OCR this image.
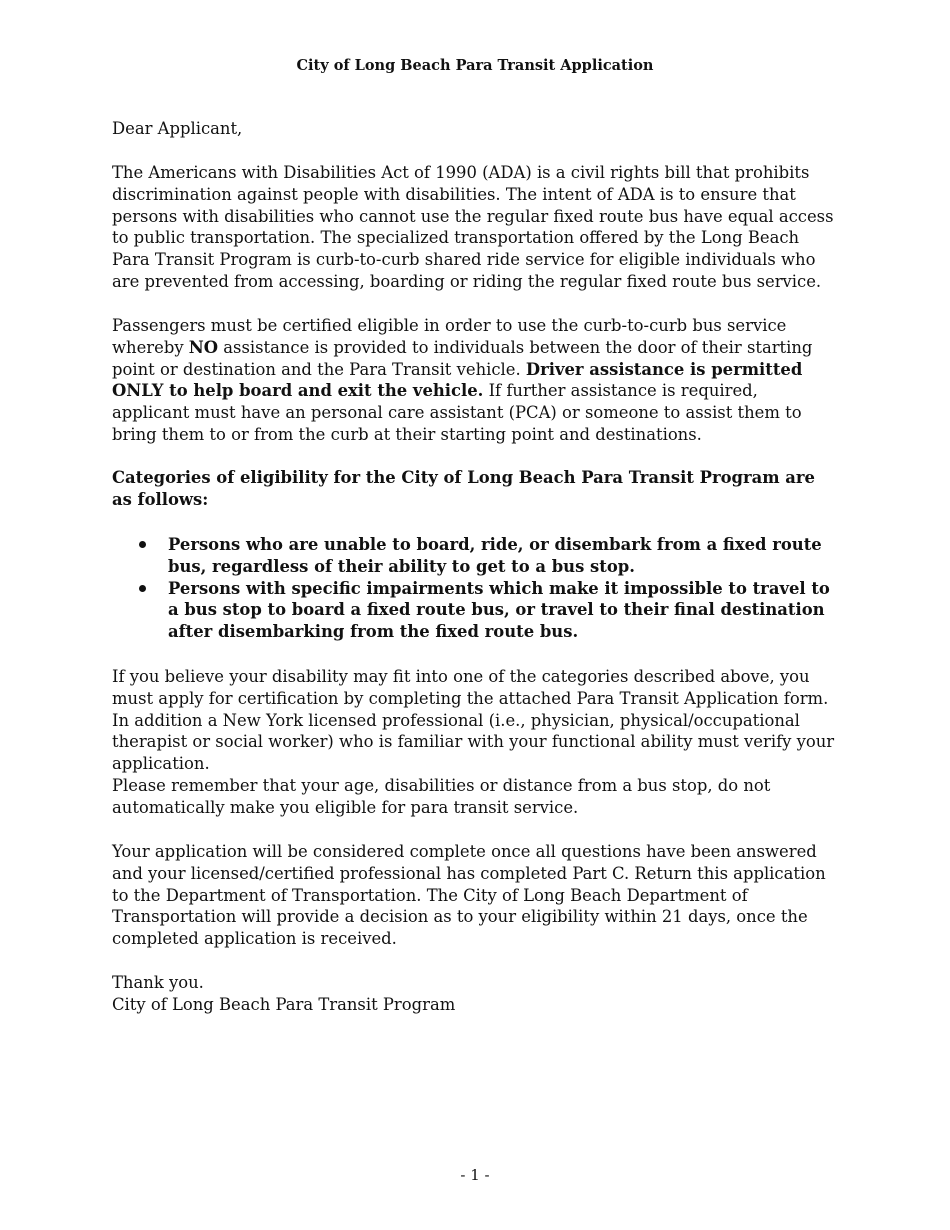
City of Long Beach Para Transit Application

Dear Applicant,

The Americans with Disabilities Act of 1990 (ADA) is a civil rights bill that prohibits discrimination against people with disabilities. The intent of ADA is to ensure that persons with disabilities who cannot use the regular fixed route bus have equal access to public transportation. The specialized transportation offered by the Long Beach Para Transit Program is curb-to-curb shared ride service for eligible individuals who are prevented from accessing, boarding or riding the regular fixed route bus service.

Passengers must be certified eligible in order to use the curb-to-curb bus service whereby NO assistance is provided to individuals between the door of their starting point or destination and the Para Transit vehicle. Driver assistance is permitted ONLY to help board and exit the vehicle. If further assistance is required, applicant must have an personal care assistant (PCA) or someone to assist them to bring them to or from the curb at their starting point and destinations.

Categories of eligibility for the City of Long Beach Para Transit Program are as follows:

Persons who are unable to board, ride, or disembark from a fixed route bus, regardless of their ability to get to a bus stop.
Persons with specific impairments which make it impossible to travel to a bus stop to board a fixed route bus, or travel to their final destination after disembarking from the fixed route bus.

If you believe your disability may fit into one of the categories described above, you must apply for certification by completing the attached Para Transit Application form. In addition a New York licensed professional (i.e., physician, physical/occupational therapist or social worker) who is familiar with your functional ability must verify your application.

Please remember that your age, disabilities or distance from a bus stop, do not automatically make you eligible for para transit service.

Your application will be considered complete once all questions have been answered and your licensed/certified professional has completed Part C. Return this application to the Department of Transportation. The City of Long Beach Department of Transportation will provide a decision as to your eligibility within 21 days, once the completed application is received.

Thank you.

City of Long Beach Para Transit Program

- 1 -
